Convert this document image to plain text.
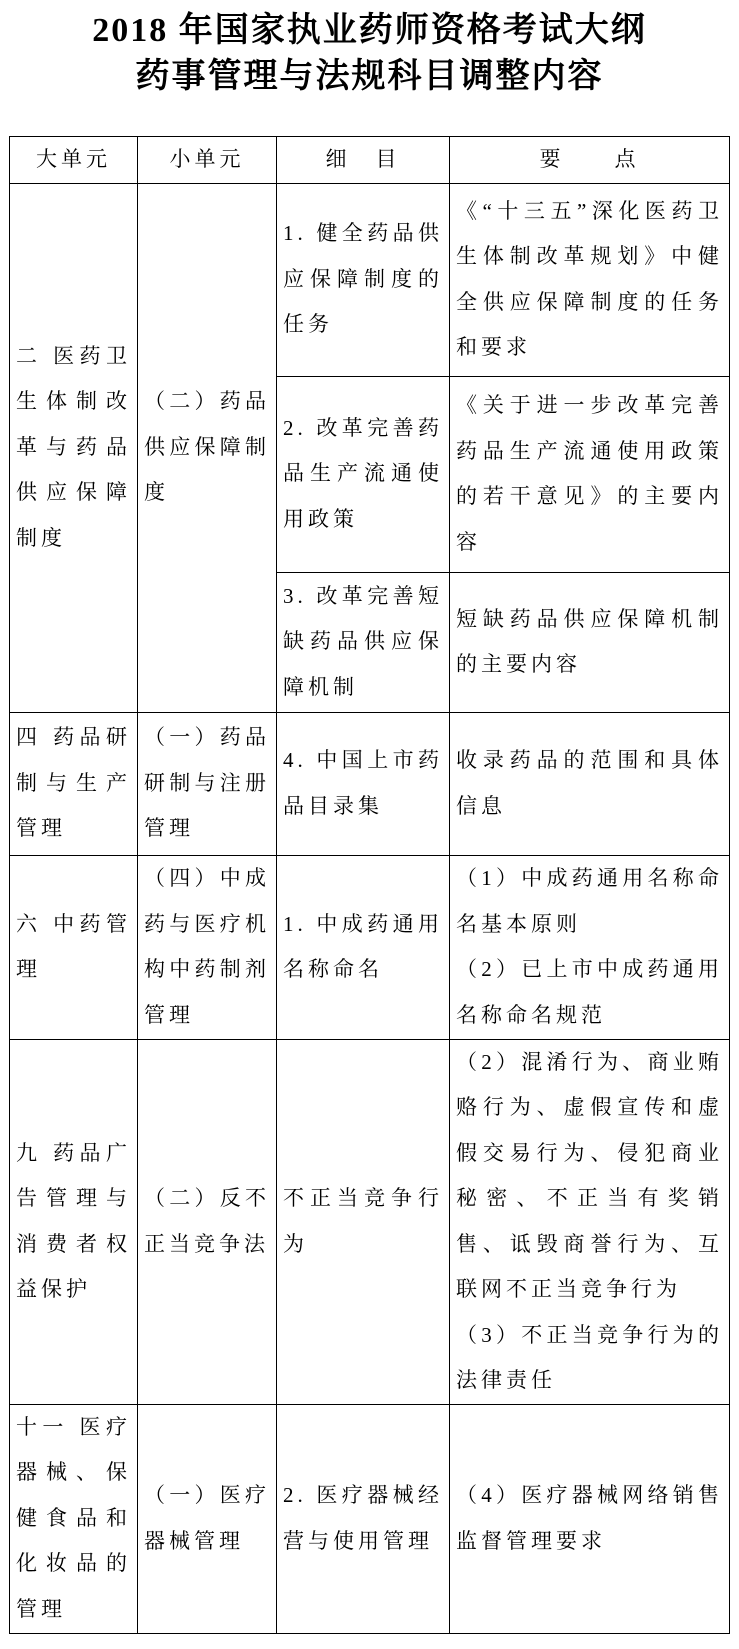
2018 年国家执业药师资格考试大纲
药事管理与法规科目调整内容
大单元	小单元	细　目	要　　点
二 医药卫生体制改革与药品供应保障制度	（二）药品供应保障制度	1. 健全药品供应保障制度的任务	《“十三五”深化医药卫生体制改革规划》中健全供应保障制度的任务和要求

		2. 改革完善药品生产流通使用政策	《关于进一步改革完善药品生产流通使用政策的若干意见》的主要内容

		3. 改革完善短缺药品供应保障机制	短缺药品供应保障机制的主要内容

四 药品研制与生产管理	（一）药品研制与注册管理	4. 中国上市药品目录集	收录药品的范围和具体信息

六 中药管理	（四）中成药与医疗机构中药制剂管理	1. 中成药通用名称命名	（1）中成药通用名称命名基本原则

（2）已上市中成药通用名称命名规范

九 药品广告管理与消费者权益保护	（二）反不正当竞争法	不正当竞争行为	（2）混淆行为、商业贿赂行为、虚假宣传和虚假交易行为、侵犯商业秘密、不正当有奖销售、诋毁商誉行为、互联网不正当竞争行为

（3）不正当竞争行为的法律责任

十一 医疗器械、保健食品和化妆品的管理	（一）医疗器械管理	2. 医疗器械经营与使用管理	（4）医疗器械网络销售监督管理要求
